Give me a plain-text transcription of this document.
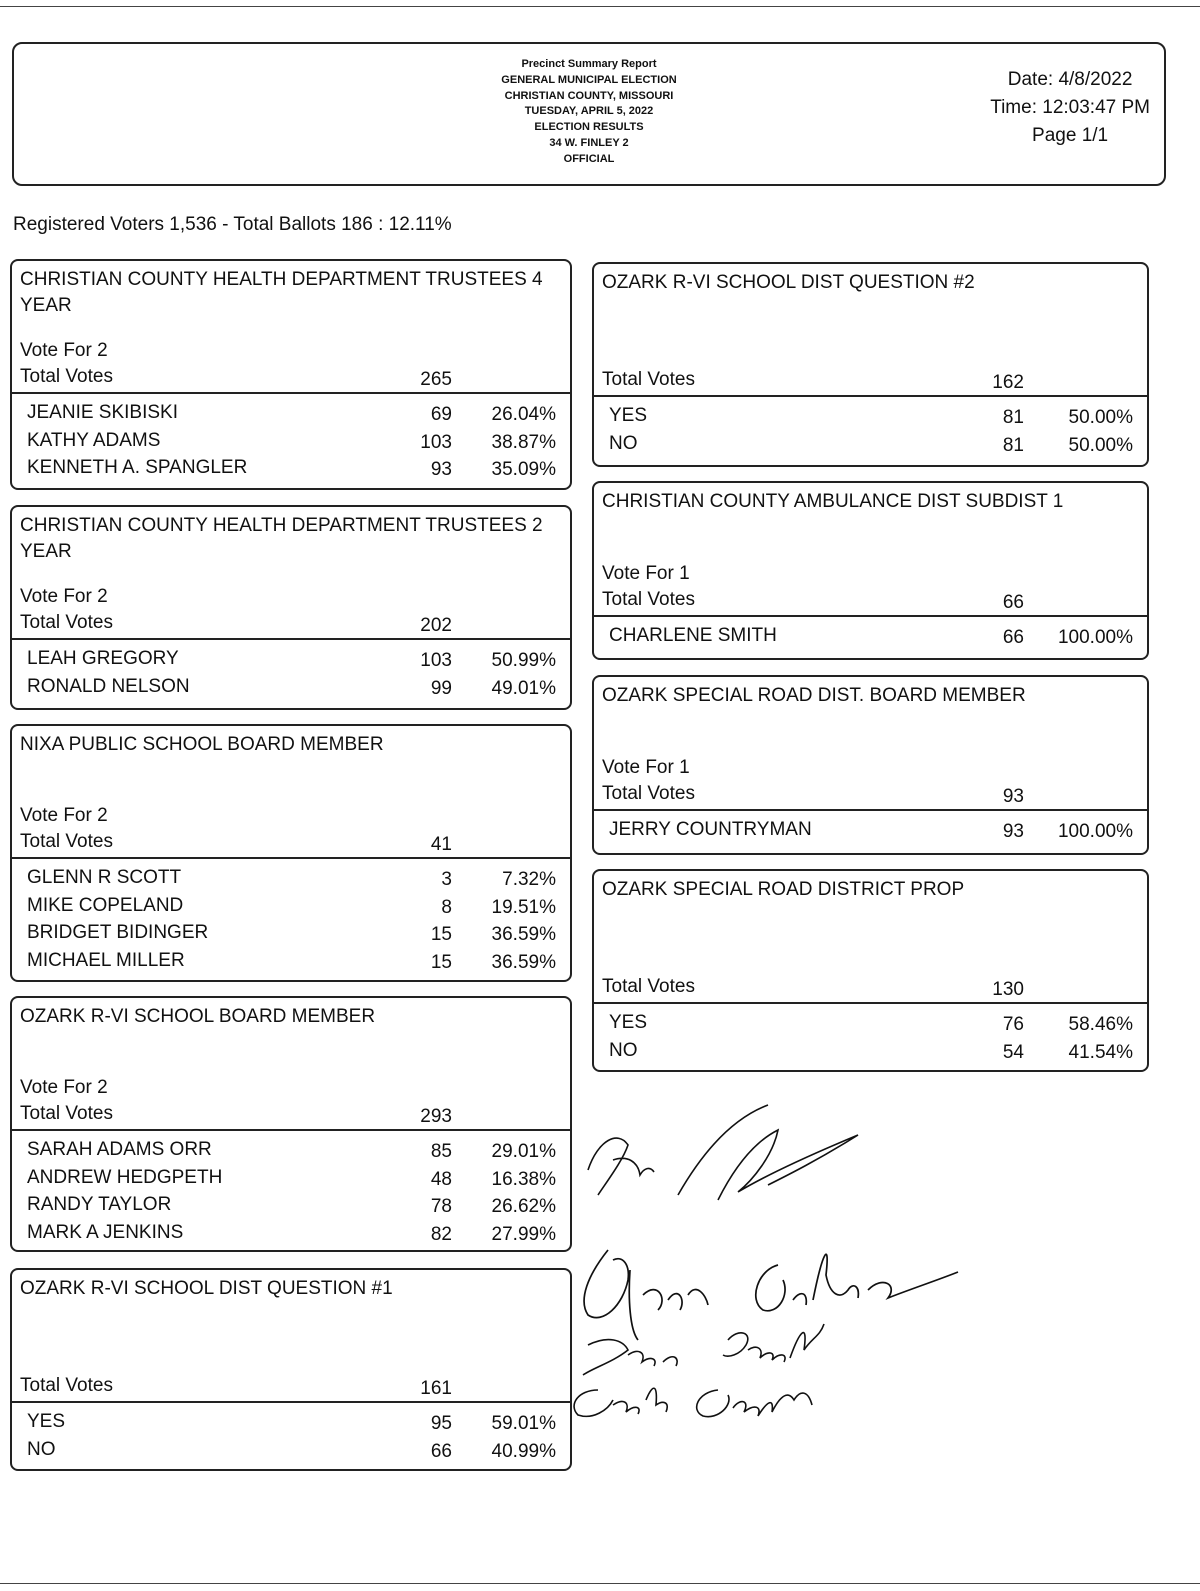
Precinct Summary Report
GENERAL MUNICIPAL ELECTION
CHRISTIAN COUNTY, MISSOURI
TUESDAY, APRIL 5, 2022
ELECTION RESULTS
34 W. FINLEY 2
OFFICIAL
Date: 4/8/2022
Time: 12:03:47 PM
Page 1/1
Registered Voters 1,536 - Total Ballots 186 : 12.11%
CHRISTIAN COUNTY HEALTH DEPARTMENT TRUSTEES 4 YEAR
Vote For 2
Total Votes	265
JEANIE SKIBISKI	69 26.04%
KATHY ADAMS	103 38.87%
KENNETH A. SPANGLER	93 35.09%
CHRISTIAN COUNTY HEALTH DEPARTMENT TRUSTEES 2 YEAR
Vote For 2
Total Votes	202
LEAH GREGORY	103 50.99%
RONALD NELSON	99 49.01%
NIXA PUBLIC SCHOOL BOARD MEMBER
Vote For 2
Total Votes	41
GLENN R SCOTT	3	7.32%
MIKE COPELAND	8 19.51%
BRIDGET BIDINGER	15 36.59%
MICHAEL MILLER	15 36.59%
OZARK R-VI SCHOOL BOARD MEMBER
Vote For 2
Total Votes	293
SARAH ADAMS ORR	85 29.01%
ANDREW HEDGPETH	48 16.38%
RANDY TAYLOR	78 26.62%
MARK A JENKINS	82 27.99%
OZARK R-VI SCHOOL DIST QUESTION #1
Total Votes	161
YES	95 59.01%
NO	66 40.99%
OZARK R-VI SCHOOL DIST QUESTION #2
Total Votes	162
YES	81 50.00%
NO	81 50.00%
CHRISTIAN COUNTY AMBULANCE DIST SUBDIST 1
Vote For 1
Total Votes	66
CHARLENE SMITH	66 100.00%
OZARK SPECIAL ROAD DIST. BOARD MEMBER
Vote For 1
Total Votes	93
JERRY COUNTRYMAN	93 100.00%
OZARK SPECIAL ROAD DISTRICT PROP
Total Votes	130
YES	76 58.46%
NO	54 41.54%
